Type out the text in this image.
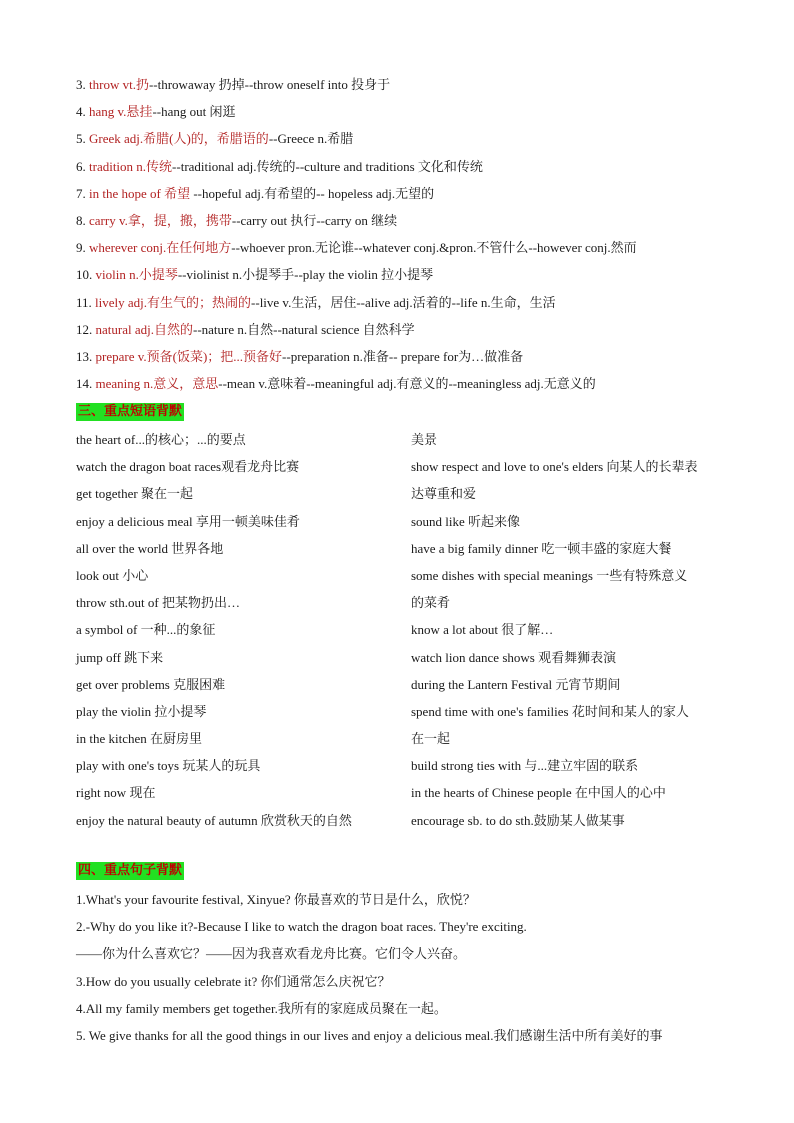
3. throw vt.扔--throwaway 扔掉--throw oneself into 投身于
4. hang v.悬挂--hang out 闲逛
5. Greek adj.希腊(人)的，希腊语的--Greece n.希腊
6. tradition n.传统--traditional adj.传统的--culture and traditions 文化和传统
7. in the hope of 希望 --hopeful adj.有希望的-- hopeless adj.无望的
8. carry v.拿，提，搬，携带--carry out 执行--carry on 继续
9. wherever conj.在任何地方--whoever pron.无论谁--whatever conj.&pron.不管什么--however conj.然而
10. violin n.小提琴--violinist n.小提琴手--play the violin 拉小提琴
11. lively adj.有生气的；热闹的--live v.生活，居住--alive adj.活着的--life n.生命，生活
12. natural adj.自然的--nature n.自然--natural science 自然科学
13. prepare v.预备(饭菜)；把...预备好--preparation n.准备-- prepare for为…做准备
14. meaning n.意义，意思--mean v.意味着--meaningful adj.有意义的--meaningless adj.无意义的
三、重点短语背默
the heart of...的核心；...的要点	美景
watch the dragon boat races观看龙舟比赛	show respect and love to one's elders 向某人的长辈表
get together 聚在一起	达尊重和爱
enjoy a delicious meal 享用一顿美味佳肴	sound like 听起来像
all over the world 世界各地	have a big family dinner 吃一顿丰盛的家庭大餐
look out 小心	some dishes with special meanings 一些有特殊意义
throw sth.out of 把某物扔出…	的菜肴
a symbol of 一种...的象征	know a lot about 很了解…
jump off 跳下来	watch lion dance shows 观看舞狮表演
get over problems 克服困难	during the Lantern Festival 元宵节期间
play the violin 拉小提琴	spend time with one's families 花时间和某人的家人
in the kitchen 在厨房里	在一起
play with one's toys 玩某人的玩具	build strong ties with 与...建立牢固的联系
right now 现在	in the hearts of Chinese people 在中国人的心中
enjoy the natural beauty of autumn 欣赏秋天的自然	encourage sb. to do sth.鼓励某人做某事
四、重点句子背默
1.What's your favourite festival, Xinyue? 你最喜欢的节日是什么，欣悦？
2.-Why do you like it?-Because I like to watch the dragon boat races. They're exciting.
——你为什么喜欢它？——因为我喜欢看龙舟比赛。它们令人兴奋。
3.How do you usually celebrate it? 你们通常怎么庆祝它？
4.All my family members get together.我所有的家庭成员聚在一起。
5. We give thanks for all the good things in our lives and enjoy a delicious meal.我们感谢生活中所有美好的事
